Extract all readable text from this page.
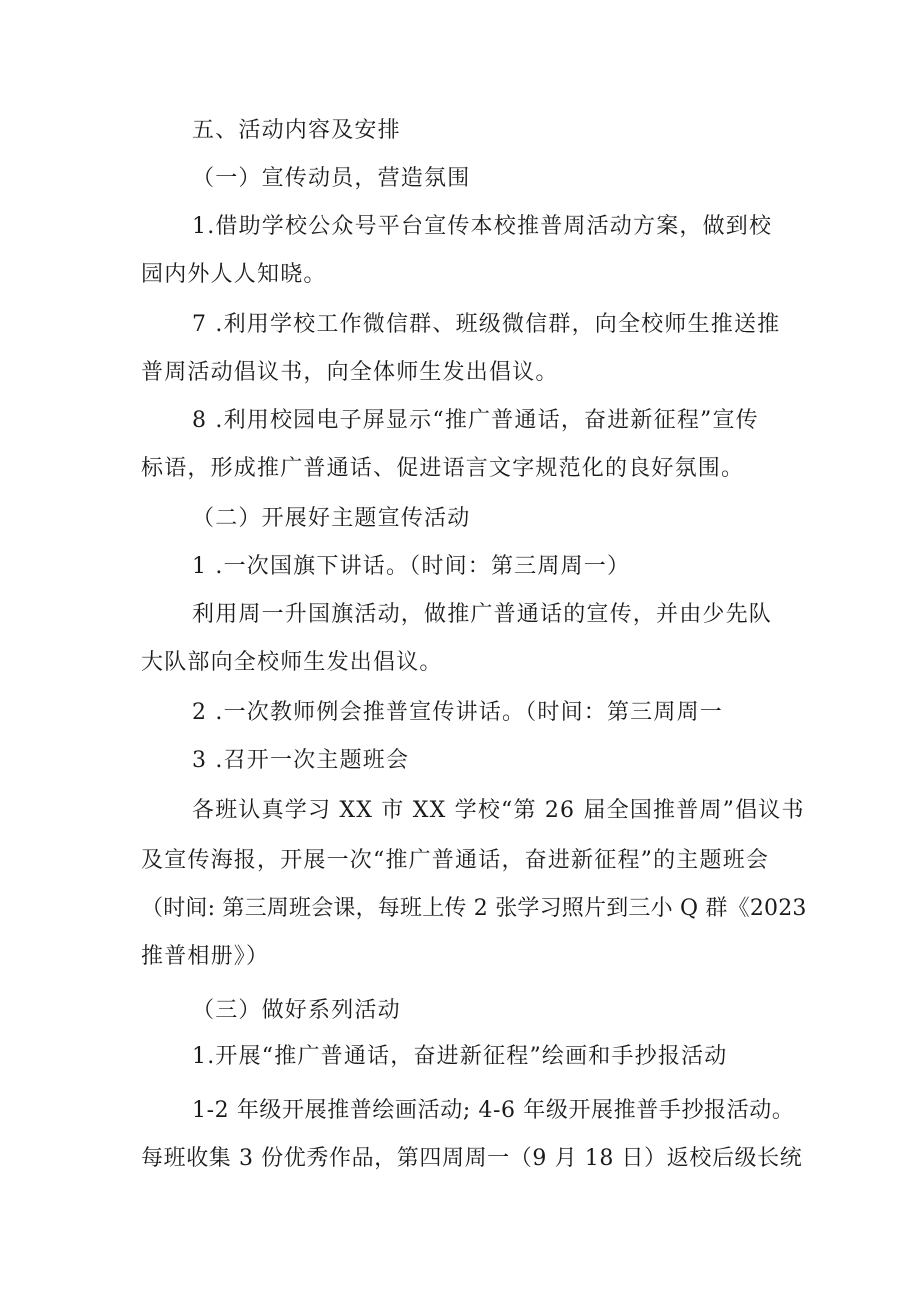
五、活动内容及安排

（一）宣传动员，营造氛围

1.借助学校公众号平台宣传本校推普周活动方案，做到校

园内外人人知晓。

7 .利用学校工作微信群、班级微信群，向全校师生推送推

普周活动倡议书，向全体师生发出倡议。

8 .利用校园电子屏显示“推广普通话，奋进新征程”宣传

标语，形成推广普通话、促进语言文字规范化的良好氛围。

（二）开展好主题宣传活动

1 .一次国旗下讲话。（时间：第三周周一）

利用周一升国旗活动，做推广普通话的宣传，并由少先队

大队部向全校师生发出倡议。

2 .一次教师例会推普宣传讲话。（时间：第三周周一

3 .召开一次主题班会

各班认真学习 XX 市 XX 学校“第 26 届全国推普周”倡议书

及宣传海报，开展一次“推广普通话，奋进新征程”的主题班会

（时间: 第三周班会课，每班上传 2 张学习照片到三小 Q 群《2023

推普相册》）

（三）做好系列活动

1.开展“推广普通话，奋进新征程”绘画和手抄报活动

1-2 年级开展推普绘画活动; 4-6 年级开展推普手抄报活动。

每班收集 3 份优秀作品，第四周周一（9 月 18 日）返校后级长统
